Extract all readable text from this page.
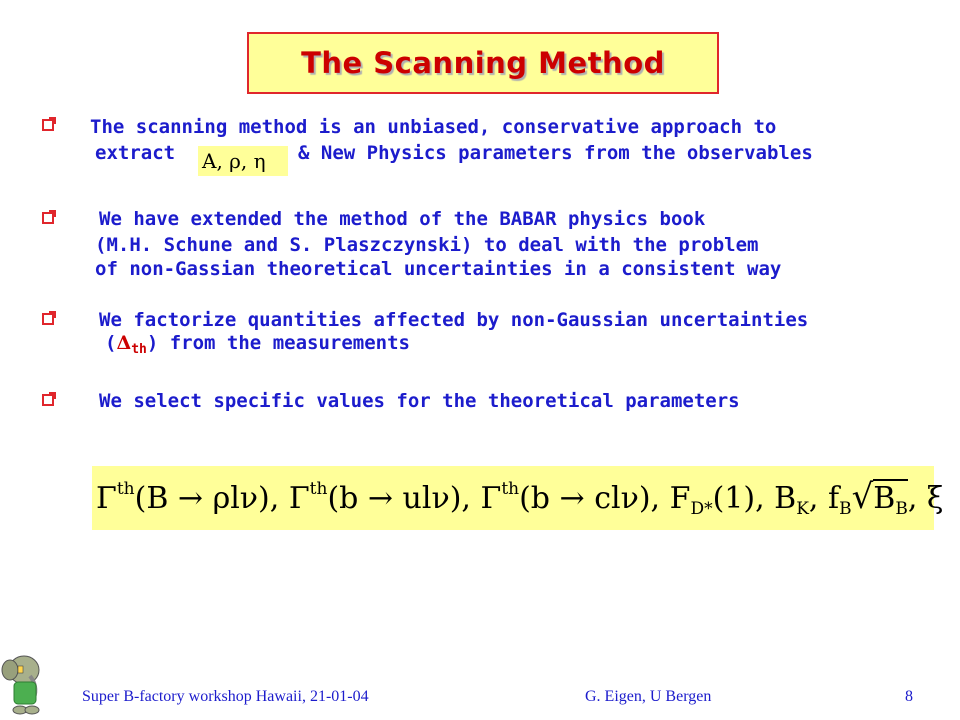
The Scanning Method
The scanning method is an unbiased, conservative approach to
extract A, ρ, η & New Physics parameters from the observables
We have extended the method of the BABAR physics book
(M.H. Schune and S. Plaszczynski) to deal with the problem
of non-Gassian theoretical uncertainties in a consistent way
We factorize quantities affected by non-Gaussian uncertainties
$(\Delta_{th})$ from the measurements
We select specific values for the theoretical parameters
$\Gamma^{th}(B \to \rho l\nu)$, $\Gamma^{th}(b \to ul\nu)$, $\Gamma^{th}(b \to cl\nu)$, $F_{D*}(1)$, $B_K$, $f_B√B_B$, ξ
Super B-factory workshop Hawaii, 21-01-04	G. Eigen, U Bergen	8
